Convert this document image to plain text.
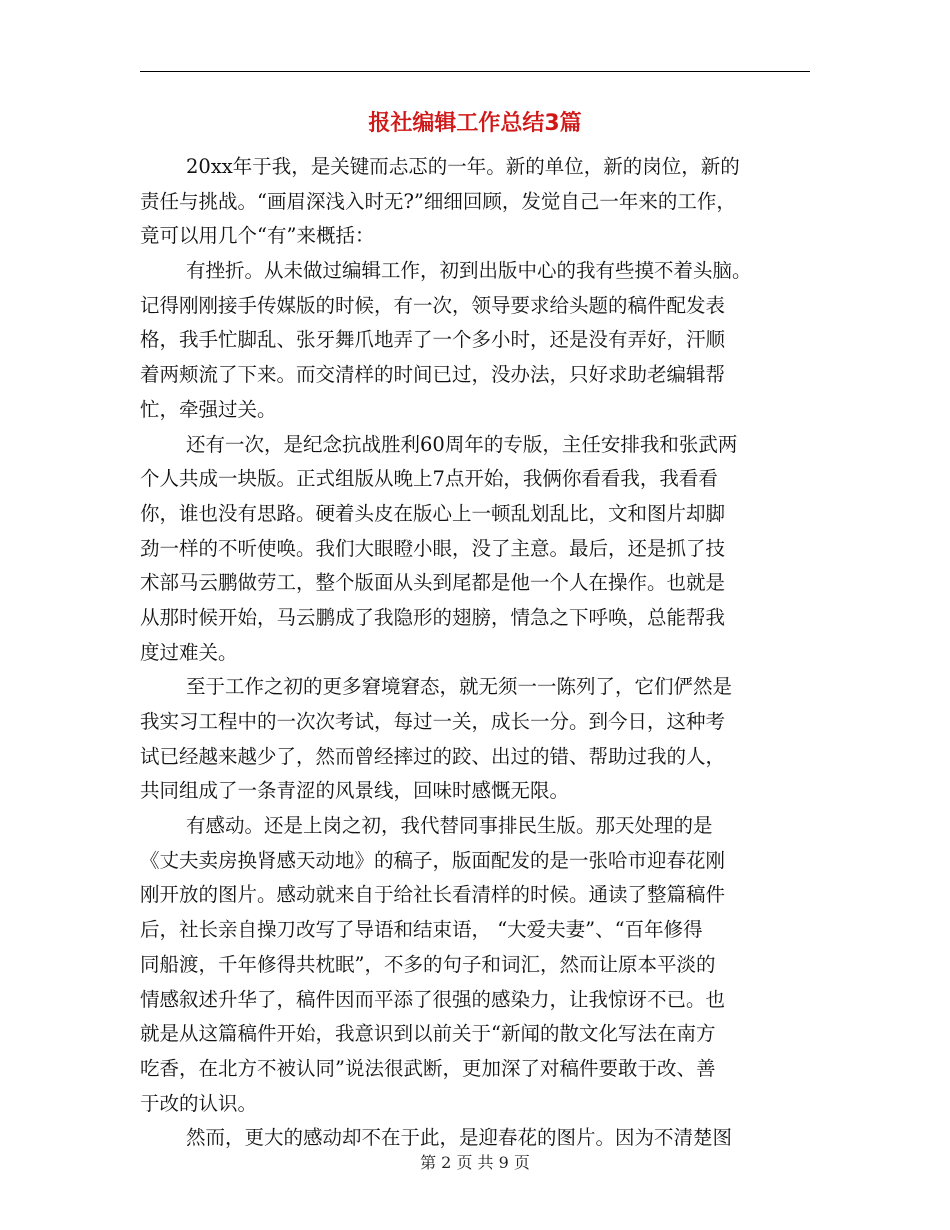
报社编辑工作总结3篇
20xx年于我，是关键而忐忑的一年。新的单位，新的岗位，新的
责任与挑战。“画眉深浅入时无?”细细回顾，发觉自己一年来的工作，
竟可以用几个“有”来概括：
有挫折。从未做过编辑工作，初到出版中心的我有些摸不着头脑。
记得刚刚接手传媒版的时候，有一次，领导要求给头题的稿件配发表
格，我手忙脚乱、张牙舞爪地弄了一个多小时，还是没有弄好，汗顺
着两颊流了下来。而交清样的时间已过，没办法，只好求助老编辑帮
忙，牵强过关。
还有一次，是纪念抗战胜利60周年的专版，主任安排我和张武两
个人共成一块版。正式组版从晚上7点开始，我俩你看看我，我看看
你，谁也没有思路。硬着头皮在版心上一顿乱划乱比，文和图片却脚
劲一样的不听使唤。我们大眼瞪小眼，没了主意。最后，还是抓了技
术部马云鹏做劳工，整个版面从头到尾都是他一个人在操作。也就是
从那时候开始，马云鹏成了我隐形的翅膀，情急之下呼唤，总能帮我
度过难关。
至于工作之初的更多窘境窘态，就无须一一陈列了，它们俨然是
我实习工程中的一次次考试，每过一关，成长一分。到今日，这种考
试已经越来越少了，然而曾经摔过的跤、出过的错、帮助过我的人，
共同组成了一条青涩的风景线，回味时感慨无限。
有感动。还是上岗之初，我代替同事排民生版。那天处理的是
《丈夫卖房换肾感天动地》的稿子，版面配发的是一张哈市迎春花刚
刚开放的图片。感动就来自于给社长看清样的时候。通读了整篇稿件
后，社长亲自操刀改写了导语和结束语， “大爱夫妻”、“百年修得
同船渡，千年修得共枕眠”，不多的句子和词汇，然而让原本平淡的
情感叙述升华了，稿件因而平添了很强的感染力，让我惊讶不已。也
就是从这篇稿件开始，我意识到以前关于“新闻的散文化写法在南方
吃香，在北方不被认同”说法很武断，更加深了对稿件要敢于改、善
于改的认识。
然而，更大的感动却不在于此，是迎春花的图片。因为不清楚图
第 2 页 共 9 页
